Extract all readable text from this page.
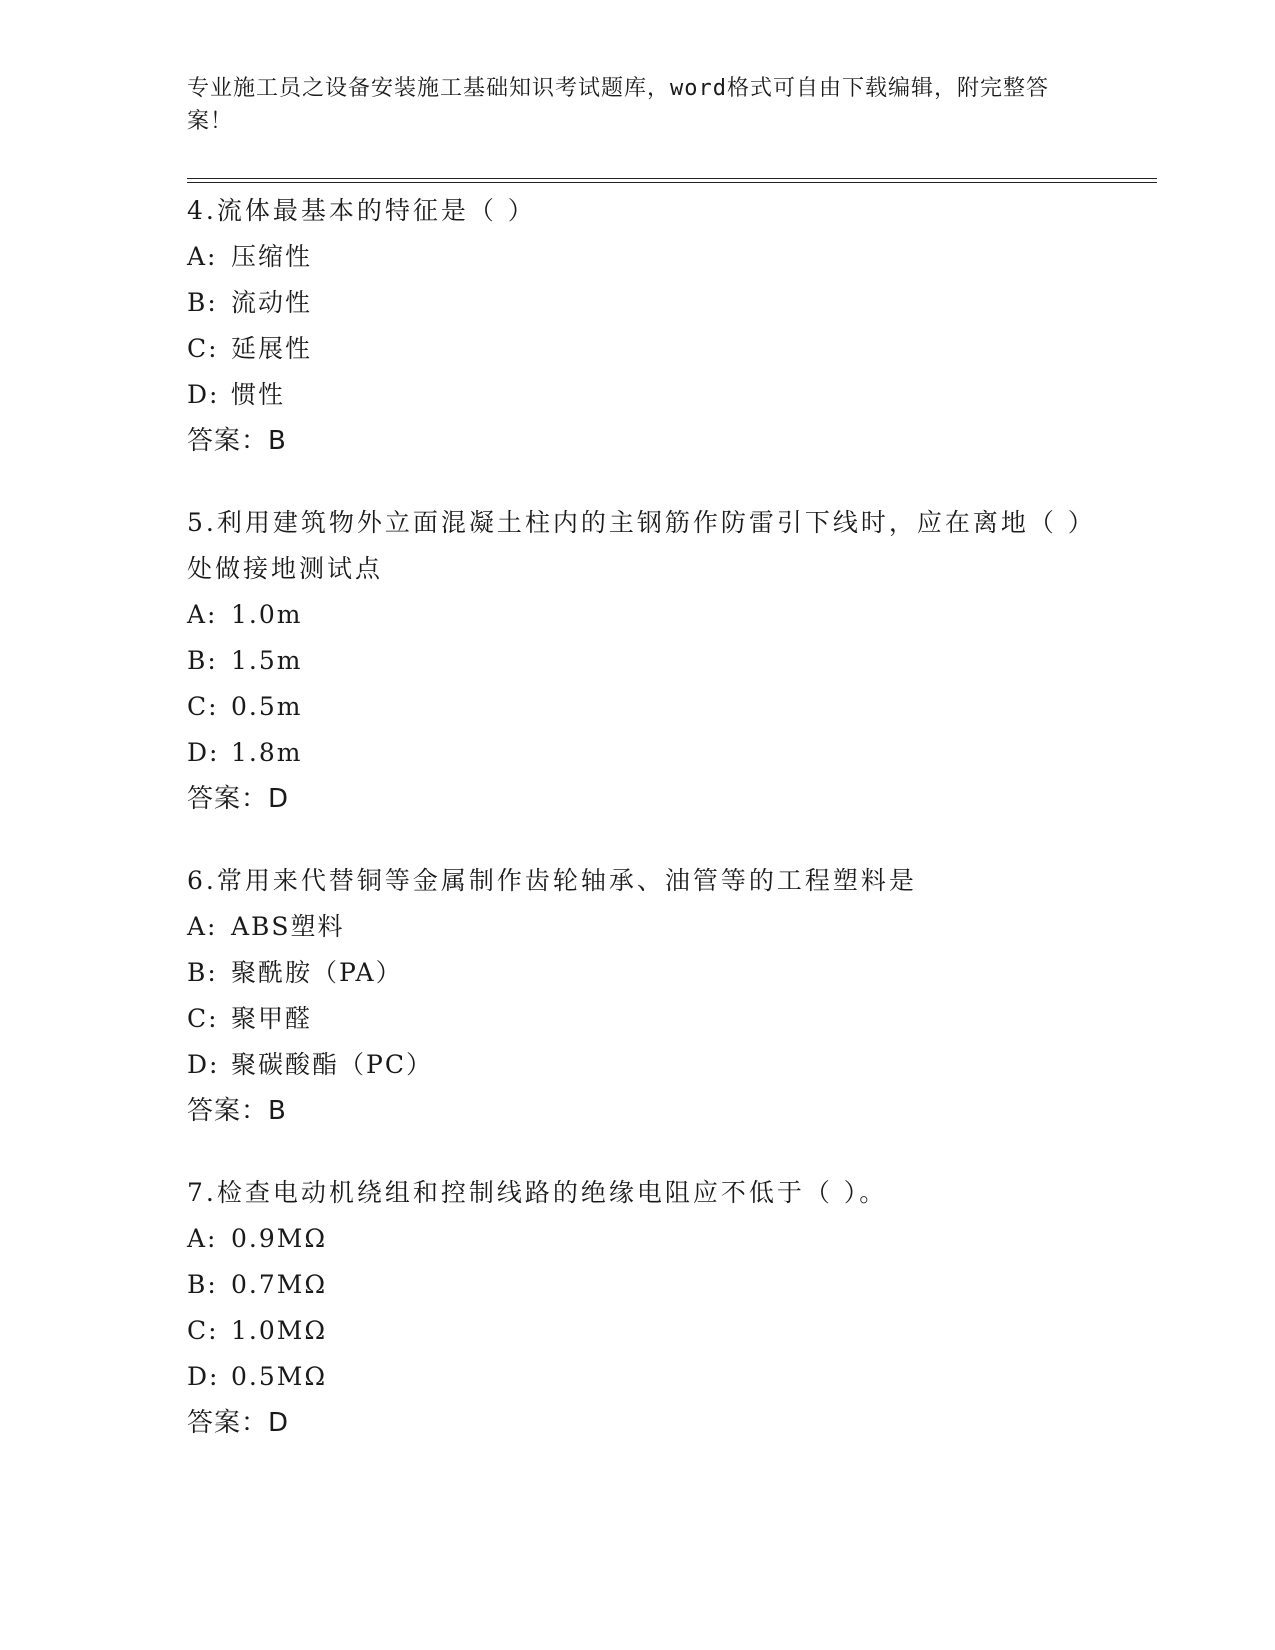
专业施工员之设备安装施工基础知识考试题库，word格式可自由下载编辑，附完整答案！
4.流体最基本的特征是（ ）
A: 压缩性
B: 流动性
C: 延展性
D: 惯性
答案：B
5.利用建筑物外立面混凝土柱内的主钢筋作防雷引下线时，应在离地（ ）处做接地测试点
A: 1.0m
B: 1.5m
C: 0.5m
D: 1.8m
答案：D
6.常用来代替铜等金属制作齿轮轴承、油管等的工程塑料是
A: ABS塑料
B: 聚酰胺（PA）
C: 聚甲醛
D: 聚碳酸酯（PC）
答案：B
7.检查电动机绕组和控制线路的绝缘电阻应不低于（ ）。
A: 0.9MΩ
B: 0.7MΩ
C: 1.0MΩ
D: 0.5MΩ
答案：D
